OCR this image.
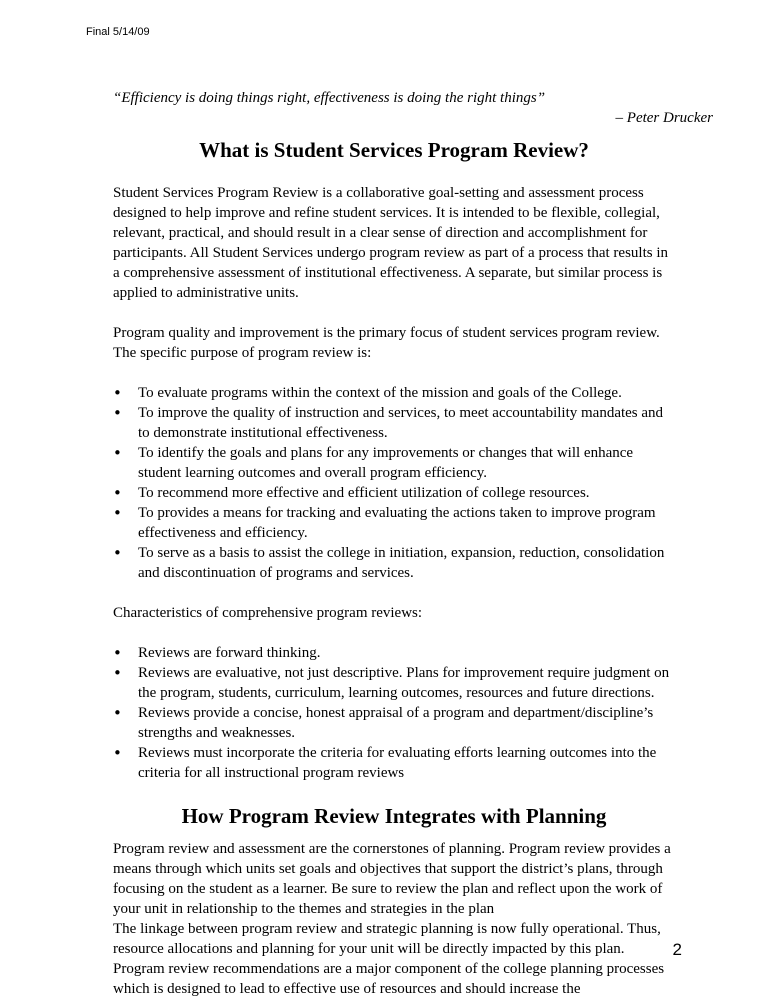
Final 5/14/09
“Efficiency is doing things right, effectiveness is doing the right things”
– Peter Drucker
What is Student Services Program Review?

Student Services Program Review is a collaborative goal-setting and assessment process designed to help improve and refine student services. It is intended to be flexible, collegial, relevant, practical, and should result in a clear sense of direction and accomplishment for participants. All Student Services undergo program review as part of a process that results in a comprehensive assessment of institutional effectiveness. A separate, but similar process is applied to administrative units.

Program quality and improvement is the primary focus of student services program review. The specific purpose of program review is:

• To evaluate programs within the context of the mission and goals of the College.
• To improve the quality of instruction and services, to meet accountability mandates and to demonstrate institutional effectiveness.
• To identify the goals and plans for any improvements or changes that will enhance student learning outcomes and overall program efficiency.
• To recommend more effective and efficient utilization of college resources.
• To provides a means for tracking and evaluating the actions taken to improve program effectiveness and efficiency.
• To serve as a basis to assist the college in initiation, expansion, reduction, consolidation and discontinuation of programs and services.

Characteristics of comprehensive program reviews:

• Reviews are forward thinking.
• Reviews are evaluative, not just descriptive. Plans for improvement require judgment on the program, students, curriculum, learning outcomes, resources and future directions.
• Reviews provide a concise, honest appraisal of a program and department/discipline’s strengths and weaknesses.
• Reviews must incorporate the criteria for evaluating efforts learning outcomes into the criteria for all instructional program reviews
How Program Review Integrates with Planning
Program review and assessment are the cornerstones of planning. Program review provides a means through which units set goals and objectives that support the district’s plans, through focusing on the student as a learner. Be sure to review the plan and reflect upon the work of your unit in relationship to the themes and strategies in the plan
The linkage between program review and strategic planning is now fully operational. Thus, resource allocations and planning for your unit will be directly impacted by this plan. Program review recommendations are a major component of the college planning processes which is designed to lead to effective use of resources and should increase the
2
